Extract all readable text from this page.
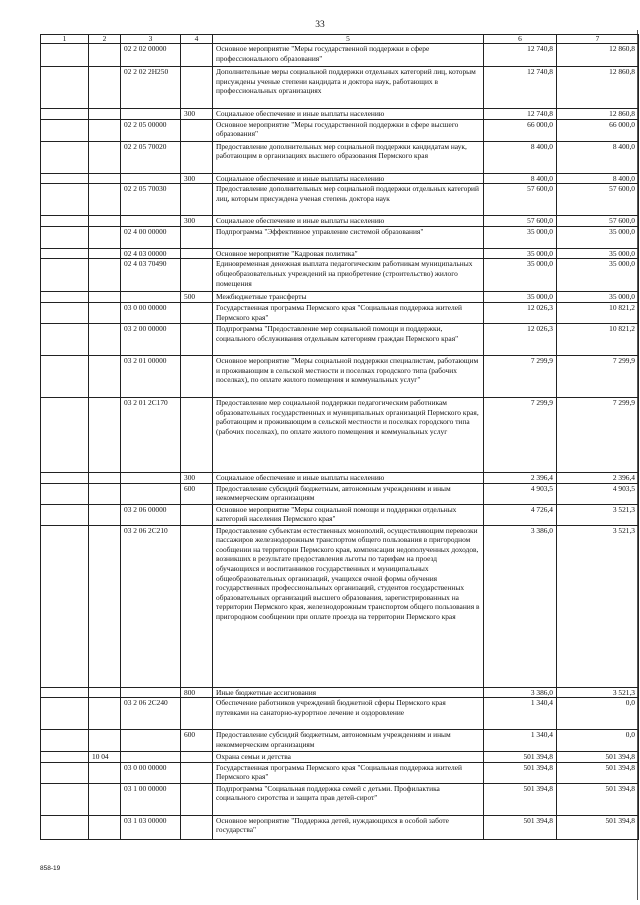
33
1	2	3	4	5	6	7
		02 2 02 00000		Основное мероприятие "Меры государственной поддержки в сфере профессионального образования"	12 740,8	12 860,8
		02 2 02 2Н250		Дополнительные меры социальной поддержки отдельных категорий лиц, которым присуждены ученые степени кандидата и доктора наук, работающих в профессиональных организациях	12 740,8	12 860,8
			300	Социальное обеспечение и иные выплаты населению	12 740,8	12 860,8
		02 2 05 00000		Основное мероприятие "Меры государственной поддержки в сфере высшего образования"	66 000,0	66 000,0
		02 2 05 70020		Предоставление дополнительных мер социальной поддержки кандидатам наук, работающим в организациях высшего образования Пермского края	8 400,0	8 400,0
			300	Социальное обеспечение и иные выплаты населению	8 400,0	8 400,0
		02 2 05 70030		Предоставление дополнительных мер социальной поддержки отдельных категорий лиц, которым присуждена ученая степень доктора наук	57 600,0	57 600,0
			300	Социальное обеспечение и иные выплаты населению	57 600,0	57 600,0
		02 4 00 00000		Подпрограмма "Эффективное управление системой образования"	35 000,0	35 000,0
		02 4 03 00000		Основное мероприятие "Кадровая политика"	35 000,0	35 000,0
		02 4 03 70490		Единовременная денежная выплата педагогическим работникам муниципальных общеобразовательных учреждений на приобретение (строительство) жилого помещения	35 000,0	35 000,0
			500	Межбюджетные трансферты	35 000,0	35 000,0
		03 0 00 00000		Государственная программа Пермского края "Социальная поддержка жителей Пермского края"	12 026,3	10 821,2
		03 2 00 00000		Подпрограмма "Предоставление мер социальной помощи и поддержки, социального обслуживания отдельным категориям граждан Пермского края"	12 026,3	10 821,2
		03 2 01 00000		Основное мероприятие "Меры социальной поддержки специалистам, работающим и проживающим в сельской местности и поселках городского типа (рабочих поселках), по оплате жилого помещения и коммунальных услуг"	7 299,9	7 299,9
		03 2 01 2С170		Предоставление мер социальной поддержки педагогическим работникам образовательных государственных и муниципальных организаций Пермского края, работающим и проживающим в сельской местности и поселках городского типа (рабочих поселках), по оплате жилого помещения и коммунальных услуг	7 299,9	7 299,9
			300	Социальное обеспечение и иные выплаты населению	2 396,4	2 396,4
			600	Предоставление субсидий бюджетным, автономным учреждениям и иным некоммерческим организациям	4 903,5	4 903,5
		03 2 06 00000		Основное мероприятие "Меры социальной помощи и поддержки отдельных категорий населения Пермского края"	4 726,4	3 521,3
		03 2 06 2С210		Предоставление субъектам естественных монополий, осуществляющим перевозки пассажиров железнодорожным транспортом общего пользования в пригородном сообщении на территории Пермского края, компенсации недополученных доходов, возникших в результате предоставления льготы по тарифам на проезд обучающихся и воспитанников государственных и муниципальных общеобразовательных организаций, учащихся очной формы обучения государственных профессиональных организаций, студентов государственных образовательных организаций высшего образования, зарегистрированных на территории Пермского края, железнодорожным транспортом общего пользования в пригородном сообщении при оплате проезда на территории Пермского края	3 386,0	3 521,3
			800	Иные бюджетные ассигнования	3 386,0	3 521,3
		03 2 06 2С240		Обеспечение работников учреждений бюджетной сферы Пермского края путевками на санаторно-курортное лечение и оздоровление	1 340,4	0,0
			600	Предоставление субсидий бюджетным, автономным учреждениям и иным некоммерческим организациям	1 340,4	0,0
	10 04			Охрана семьи и детства	501 394,8	501 394,8
		03 0 00 00000		Государственная программа Пермского края "Социальная поддержка жителей Пермского края"	501 394,8	501 394,8
		03 1 00 00000		Подпрограмма "Социальная поддержка семей с детьми. Профилактика социального сиротства и защита прав детей-сирот"	501 394,8	501 394,8
		03 1 03 00000		Основное мероприятие "Поддержка детей, нуждающихся в особой заботе государства"	501 394,8	501 394,8
858-19
